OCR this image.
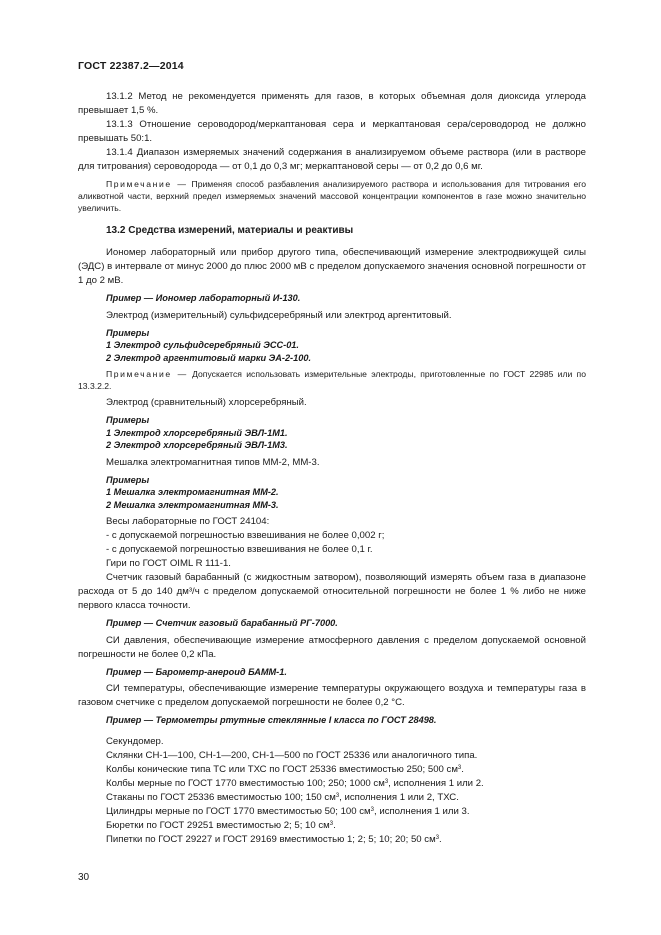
ГОСТ 22387.2—2014

13.1.2 Метод не рекомендуется применять для газов, в которых объемная доля диоксида углерода превышает 1,5 %.

13.1.3 Отношение сероводород/меркаптановая сера и меркаптановая сера/сероводород не должно превышать 50:1.

13.1.4 Диапазон измеряемых значений содержания в анализируемом объеме раствора (или в растворе для титрования) сероводорода — от 0,1 до 0,3 мг; меркаптановой серы — от 0,2 до 0,6 мг.

Примечание — Применяя способ разбавления анализируемого раствора и использования для титрования его аликвотной части, верхний предел измеряемых значений массовой концентрации компонентов в газе можно значительно увеличить.

13.2 Средства измерений, материалы и реактивы

Иономер лабораторный или прибор другого типа, обеспечивающий измерение электродвижущей силы (ЭДС) в интервале от минус 2000 до плюс 2000 мВ с пределом допускаемого значения основной погрешности от 1 до 2 мВ.

Пример — Иономер лабораторный И-130.

Электрод (измерительный) сульфидсеребряный или электрод аргентитовый.

Примеры

1 Электрод сульфидсеребряный ЭСС-01.

2 Электрод аргентитовый марки ЭА-2-100.

Примечание — Допускается использовать измерительные электроды, приготовленные по ГОСТ 22985 или по 13.3.2.2.

Электрод (сравнительный) хлорсеребряный.

Примеры

1 Электрод хлорсеребряный ЭВЛ-1М1.

2 Электрод хлорсеребряный ЭВЛ-1М3.

Мешалка электромагнитная типов ММ-2, ММ-3.

Примеры

1 Мешалка электромагнитная ММ-2.

2 Мешалка электромагнитная ММ-3.

Весы лабораторные по ГОСТ 24104:

- с допускаемой погрешностью взвешивания не более 0,002 г;

- с допускаемой погрешностью взвешивания не более 0,1 г.

Гири по ГОСТ OIML R 111-1.

Счетчик газовый барабанный (с жидкостным затвором), позволяющий измерять объем газа в диапазоне расхода от 5 до 140 дм³/ч с пределом допускаемой относительной погрешности не более 1 % либо не ниже первого класса точности.

Пример — Счетчик газовый барабанный РГ-7000.

СИ давления, обеспечивающие измерение атмосферного давления с пределом допускаемой основной погрешности не более 0,2 кПа.

Пример — Барометр-анероид БАММ-1.

СИ температуры, обеспечивающие измерение температуры окружающего воздуха и температуры газа в газовом счетчике с пределом допускаемой погрешности не более 0,2 °С.

Пример — Термометры ртутные стеклянные I класса по ГОСТ 28498.

Секундомер.

Склянки СН-1—100, СН-1—200, СН-1—500 по ГОСТ 25336 или аналогичного типа.

Колбы конические типа ТС или ТХС по ГОСТ 25336 вместимостью 250; 500 $см^3$.

Колбы мерные по ГОСТ 1770 вместимостью 100; 250; 1000 $см^3$, исполнения 1 или 2.

Стаканы по ГОСТ 25336 вместимостью 100; 150 $см^3$, исполнения 1 или 2, ТХС.

Цилиндры мерные по ГОСТ 1770 вместимостью 50; 100 $см^3$, исполнения 1 или 3.

Бюретки по ГОСТ 29251 вместимостью 2; 5; 10 $см^3$.

Пипетки по ГОСТ 29227 и ГОСТ 29169 вместимостью 1; 2; 5; 10; 20; 50 $см^3$.

30
